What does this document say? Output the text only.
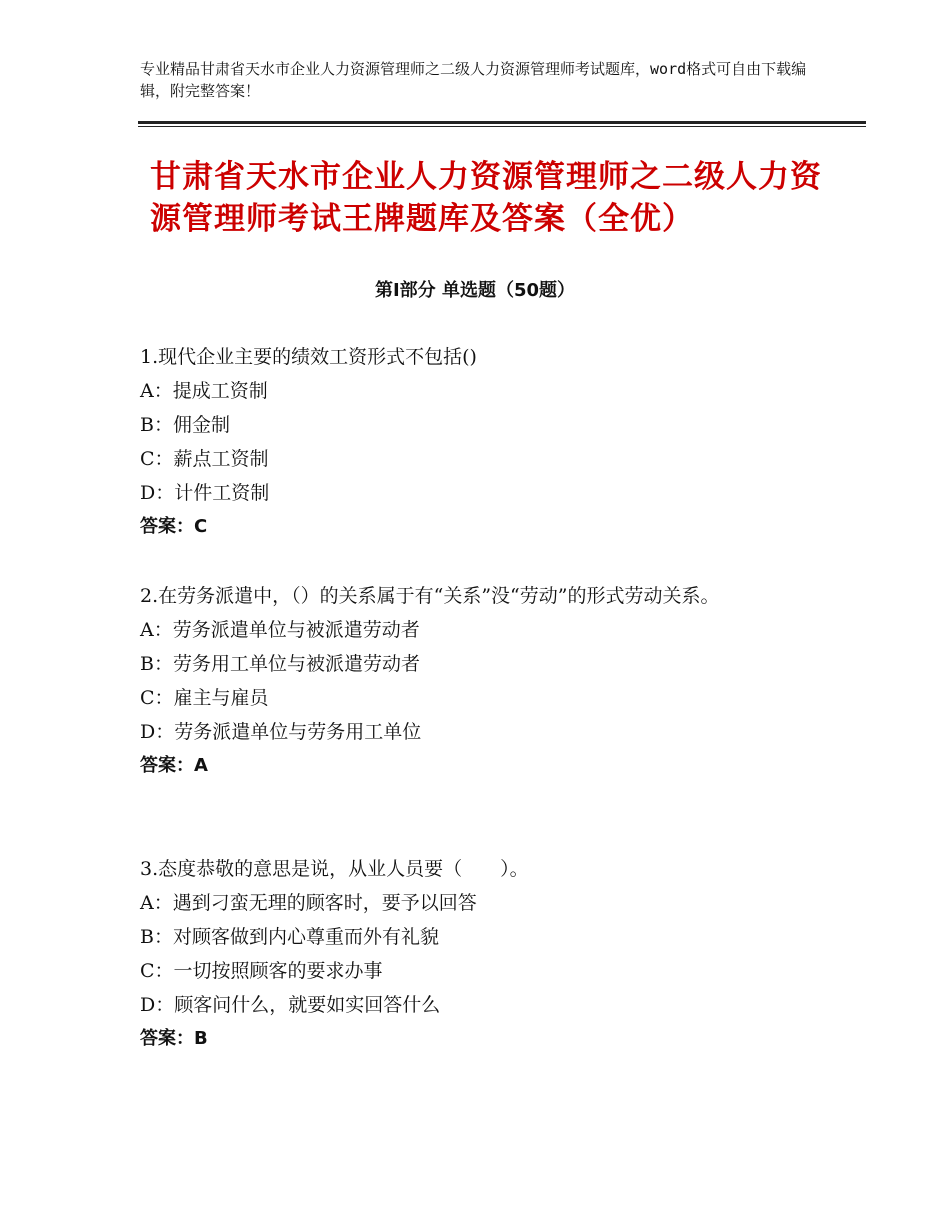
专业精品甘肃省天水市企业人力资源管理师之二级人力资源管理师考试题库，word格式可自由下载编辑，附完整答案！
甘肃省天水市企业人力资源管理师之二级人力资源管理师考试王牌题库及答案（全优）
第Ⅰ部分 单选题（50题）
1.现代企业主要的绩效工资形式不包括()
A：提成工资制
B：佣金制
C：薪点工资制
D：计件工资制
答案：C
2.在劳务派遣中，（）的关系属于有“关系”没“劳动”的形式劳动关系。
A：劳务派遣单位与被派遣劳动者
B：劳务用工单位与被派遣劳动者
C：雇主与雇员
D：劳务派遣单位与劳务用工单位
答案：A
3.态度恭敬的意思是说，从业人员要（　　）。
A：遇到刁蛮无理的顾客时，要予以回答
B：对顾客做到内心尊重而外有礼貌
C：一切按照顾客的要求办事
D：顾客问什么，就要如实回答什么
答案：B
